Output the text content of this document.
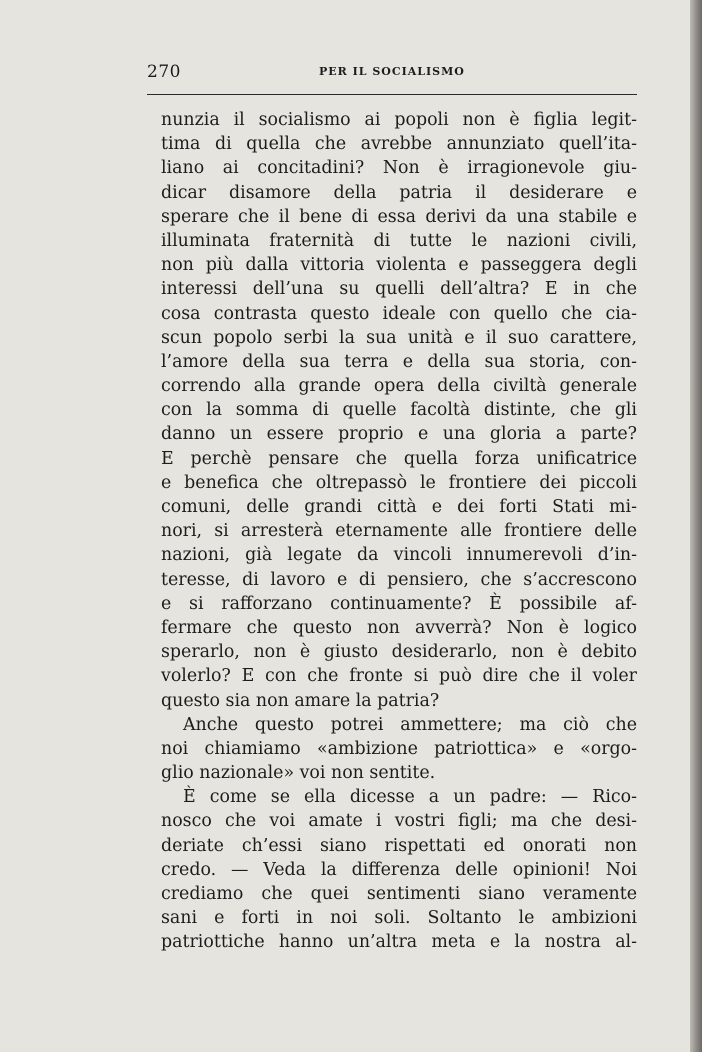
270	PER IL SOCIALISMO
nunzia il socialismo ai popoli non è figlia legit-
tima di quella che avrebbe annunziato quell’ita-
liano ai concitadini? Non è irragionevole giu-
dicar disamore della patria il desiderare e
sperare che il bene di essa derivi da una stabile e
illuminata fraternità di tutte le nazioni civili,
non più dalla vittoria violenta e passeggera degli
interessi dell’una su quelli dell’altra? E in che
cosa contrasta questo ideale con quello che cia-
scun popolo serbi la sua unità e il suo carattere,
l’amore della sua terra e della sua storia, con-
correndo alla grande opera della civiltà generale
con la somma di quelle facoltà distinte, che gli
danno un essere proprio e una gloria a parte?
E perchè pensare che quella forza unificatrice
e benefica che oltrepassò le frontiere dei piccoli
comuni, delle grandi città e dei forti Stati mi-
nori, si arresterà eternamente alle frontiere delle
nazioni, già legate da vincoli innumerevoli d’in-
teresse, di lavoro e di pensiero, che s’accrescono
e si rafforzano continuamente? È possibile af-
fermare che questo non avverrà? Non è logico
sperarlo, non è giusto desiderarlo, non è debito
volerlo? E con che fronte si può dire che il voler
questo sia non amare la patria?
Anche questo potrei ammettere; ma ciò che
noi chiamiamo «ambizione patriottica» e «orgo-
glio nazionale» voi non sentite.
È come se ella dicesse a un padre: — Rico-
nosco che voi amate i vostri figli; ma che desi-
deriate ch’essi siano rispettati ed onorati non
credo. — Veda la differenza delle opinioni! Noi
crediamo che quei sentimenti siano veramente
sani e forti in noi soli. Soltanto le ambizioni
patriottiche hanno un’altra meta e la nostra al-
